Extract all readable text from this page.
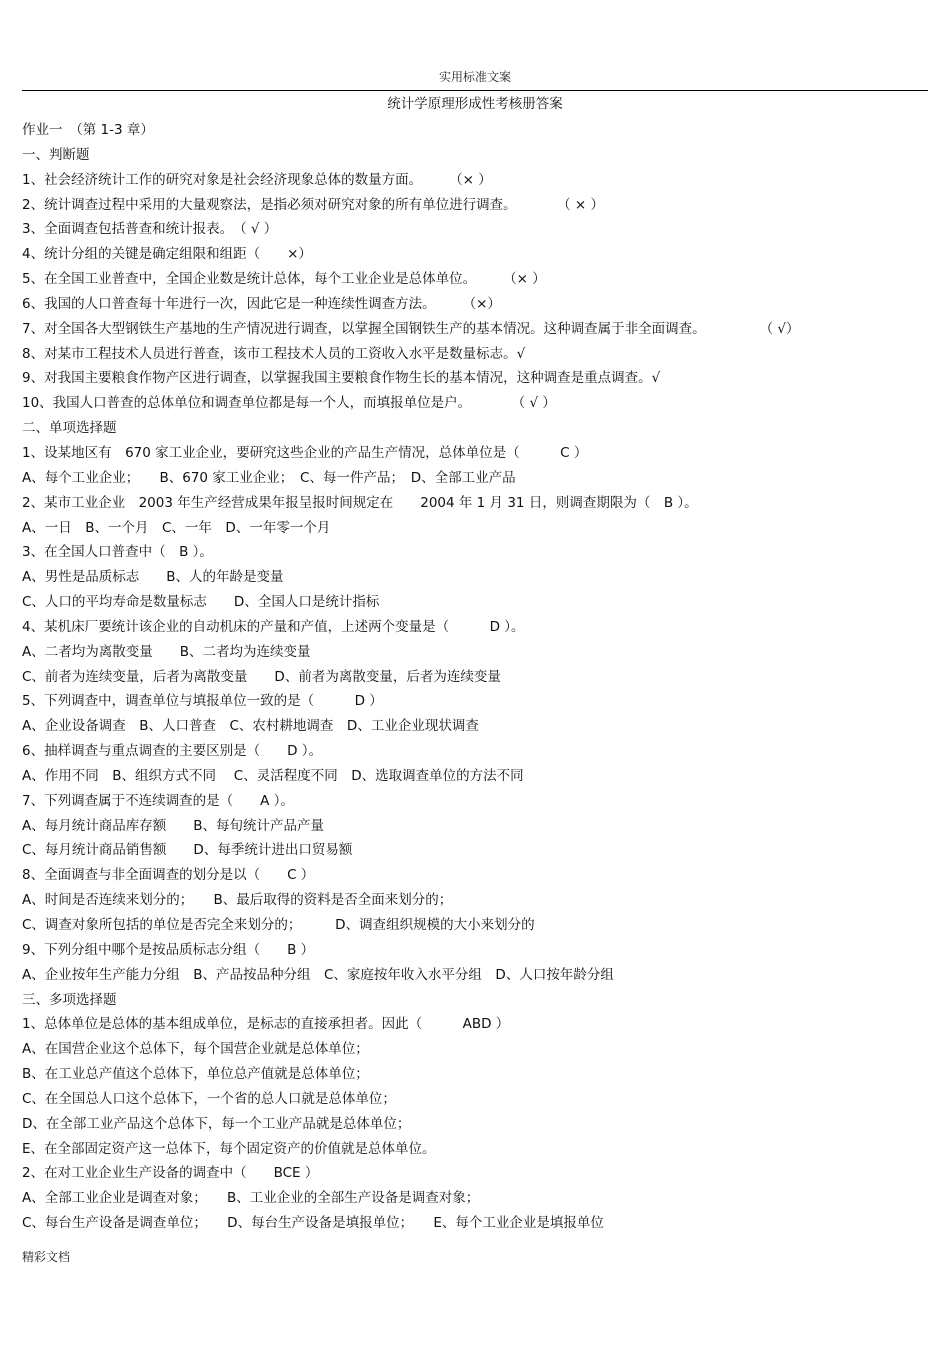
实用标准文案
统计学原理形成性考核册答案
作业一　（第 1-3 章）
一、判断题
1、社会经济统计工作的研究对象是社会经济现象总体的数量方面。　　　（× ）
2、统计调查过程中采用的大量观察法，是指必须对研究对象的所有单位进行调查。　　　　（ × ）
3、全面调查包括普查和统计报表。　（ √ ）
4、统计分组的关键是确定组限和组距（　　×）
5、在全国工业普查中，全国企业数是统计总体，每个工业企业是总体单位。　　　（× ）
6、我国的人口普查每十年进行一次，因此它是一种连续性调查方法。　　　（×）
7、对全国各大型钢铁生产基地的生产情况进行调查，以掌握全国钢铁生产的基本情况。这种调查属于非全面调查。　　　　　（ √）
8、对某市工程技术人员进行普查，该市工程技术人员的工资收入水平是数量标志。√
9、对我国主要粮食作物产区进行调查，以掌握我国主要粮食作物生长的基本情况，这种调查是重点调查。√
10、我国人口普查的总体单位和调查单位都是每一个人，而填报单位是户。　　　　（ √ ）
二、单项选择题
1、设某地区有　670 家工业企业，要研究这些企业的产品生产情况，总体单位是（　　　C ）
A、每个工业企业；　　B、670 家工业企业；　C、每一件产品；　D、全部工业产品
2、某市工业企业　2003 年生产经营成果年报呈报时间规定在　　2004 年 1 月 31 日，则调查期限为（　B ）。
A、一日　B、一个月　C、一年　D、一年零一个月
3、在全国人口普查中（　B ）。
A、男性是品质标志　　B、人的年龄是变量
C、人口的平均寿命是数量标志　　D、全国人口是统计指标
4、某机床厂要统计该企业的自动机床的产量和产值，上述两个变量是（　　　D ）。
A、二者均为离散变量　　B、二者均为连续变量
C、前者为连续变量，后者为离散变量　　D、前者为离散变量，后者为连续变量
5、下列调查中，调查单位与填报单位一致的是（　　　D ）
A、企业设备调查　B、人口普查　C、农村耕地调查　D、工业企业现状调查
6、抽样调查与重点调查的主要区别是（　　D ）。
A、作用不同　B、组织方式不同　 C、灵活程度不同　D、选取调查单位的方法不同
7、下列调查属于不连续调查的是（　　A ）。
A、每月统计商品库存额　　B、每旬统计产品产量
C、每月统计商品销售额　　D、每季统计进出口贸易额
8、全面调查与非全面调查的划分是以（　　C ）
A、时间是否连续来划分的；　　B、最后取得的资料是否全面来划分的；
C、调查对象所包括的单位是否完全来划分的；　　　D、调查组织规模的大小来划分的
9、下列分组中哪个是按品质标志分组（　　B ）
A、企业按年生产能力分组　B、产品按品种分组　C、家庭按年收入水平分组　D、人口按年龄分组
三、多项选择题
1、总体单位是总体的基本组成单位，是标志的直接承担者。因此（　　　ABD ）
A、在国营企业这个总体下，每个国营企业就是总体单位；
B、在工业总产值这个总体下，单位总产值就是总体单位；
C、在全国总人口这个总体下，一个省的总人口就是总体单位；
D、在全部工业产品这个总体下，每一个工业产品就是总体单位；
E、在全部固定资产这一总体下，每个固定资产的价值就是总体单位。
2、在对工业企业生产设备的调查中（　　BCE ）
A、全部工业企业是调查对象；　　B、工业企业的全部生产设备是调查对象；
C、每台生产设备是调查单位；　　D、每台生产设备是填报单位；　　E、每个工业企业是填报单位
精彩文档
